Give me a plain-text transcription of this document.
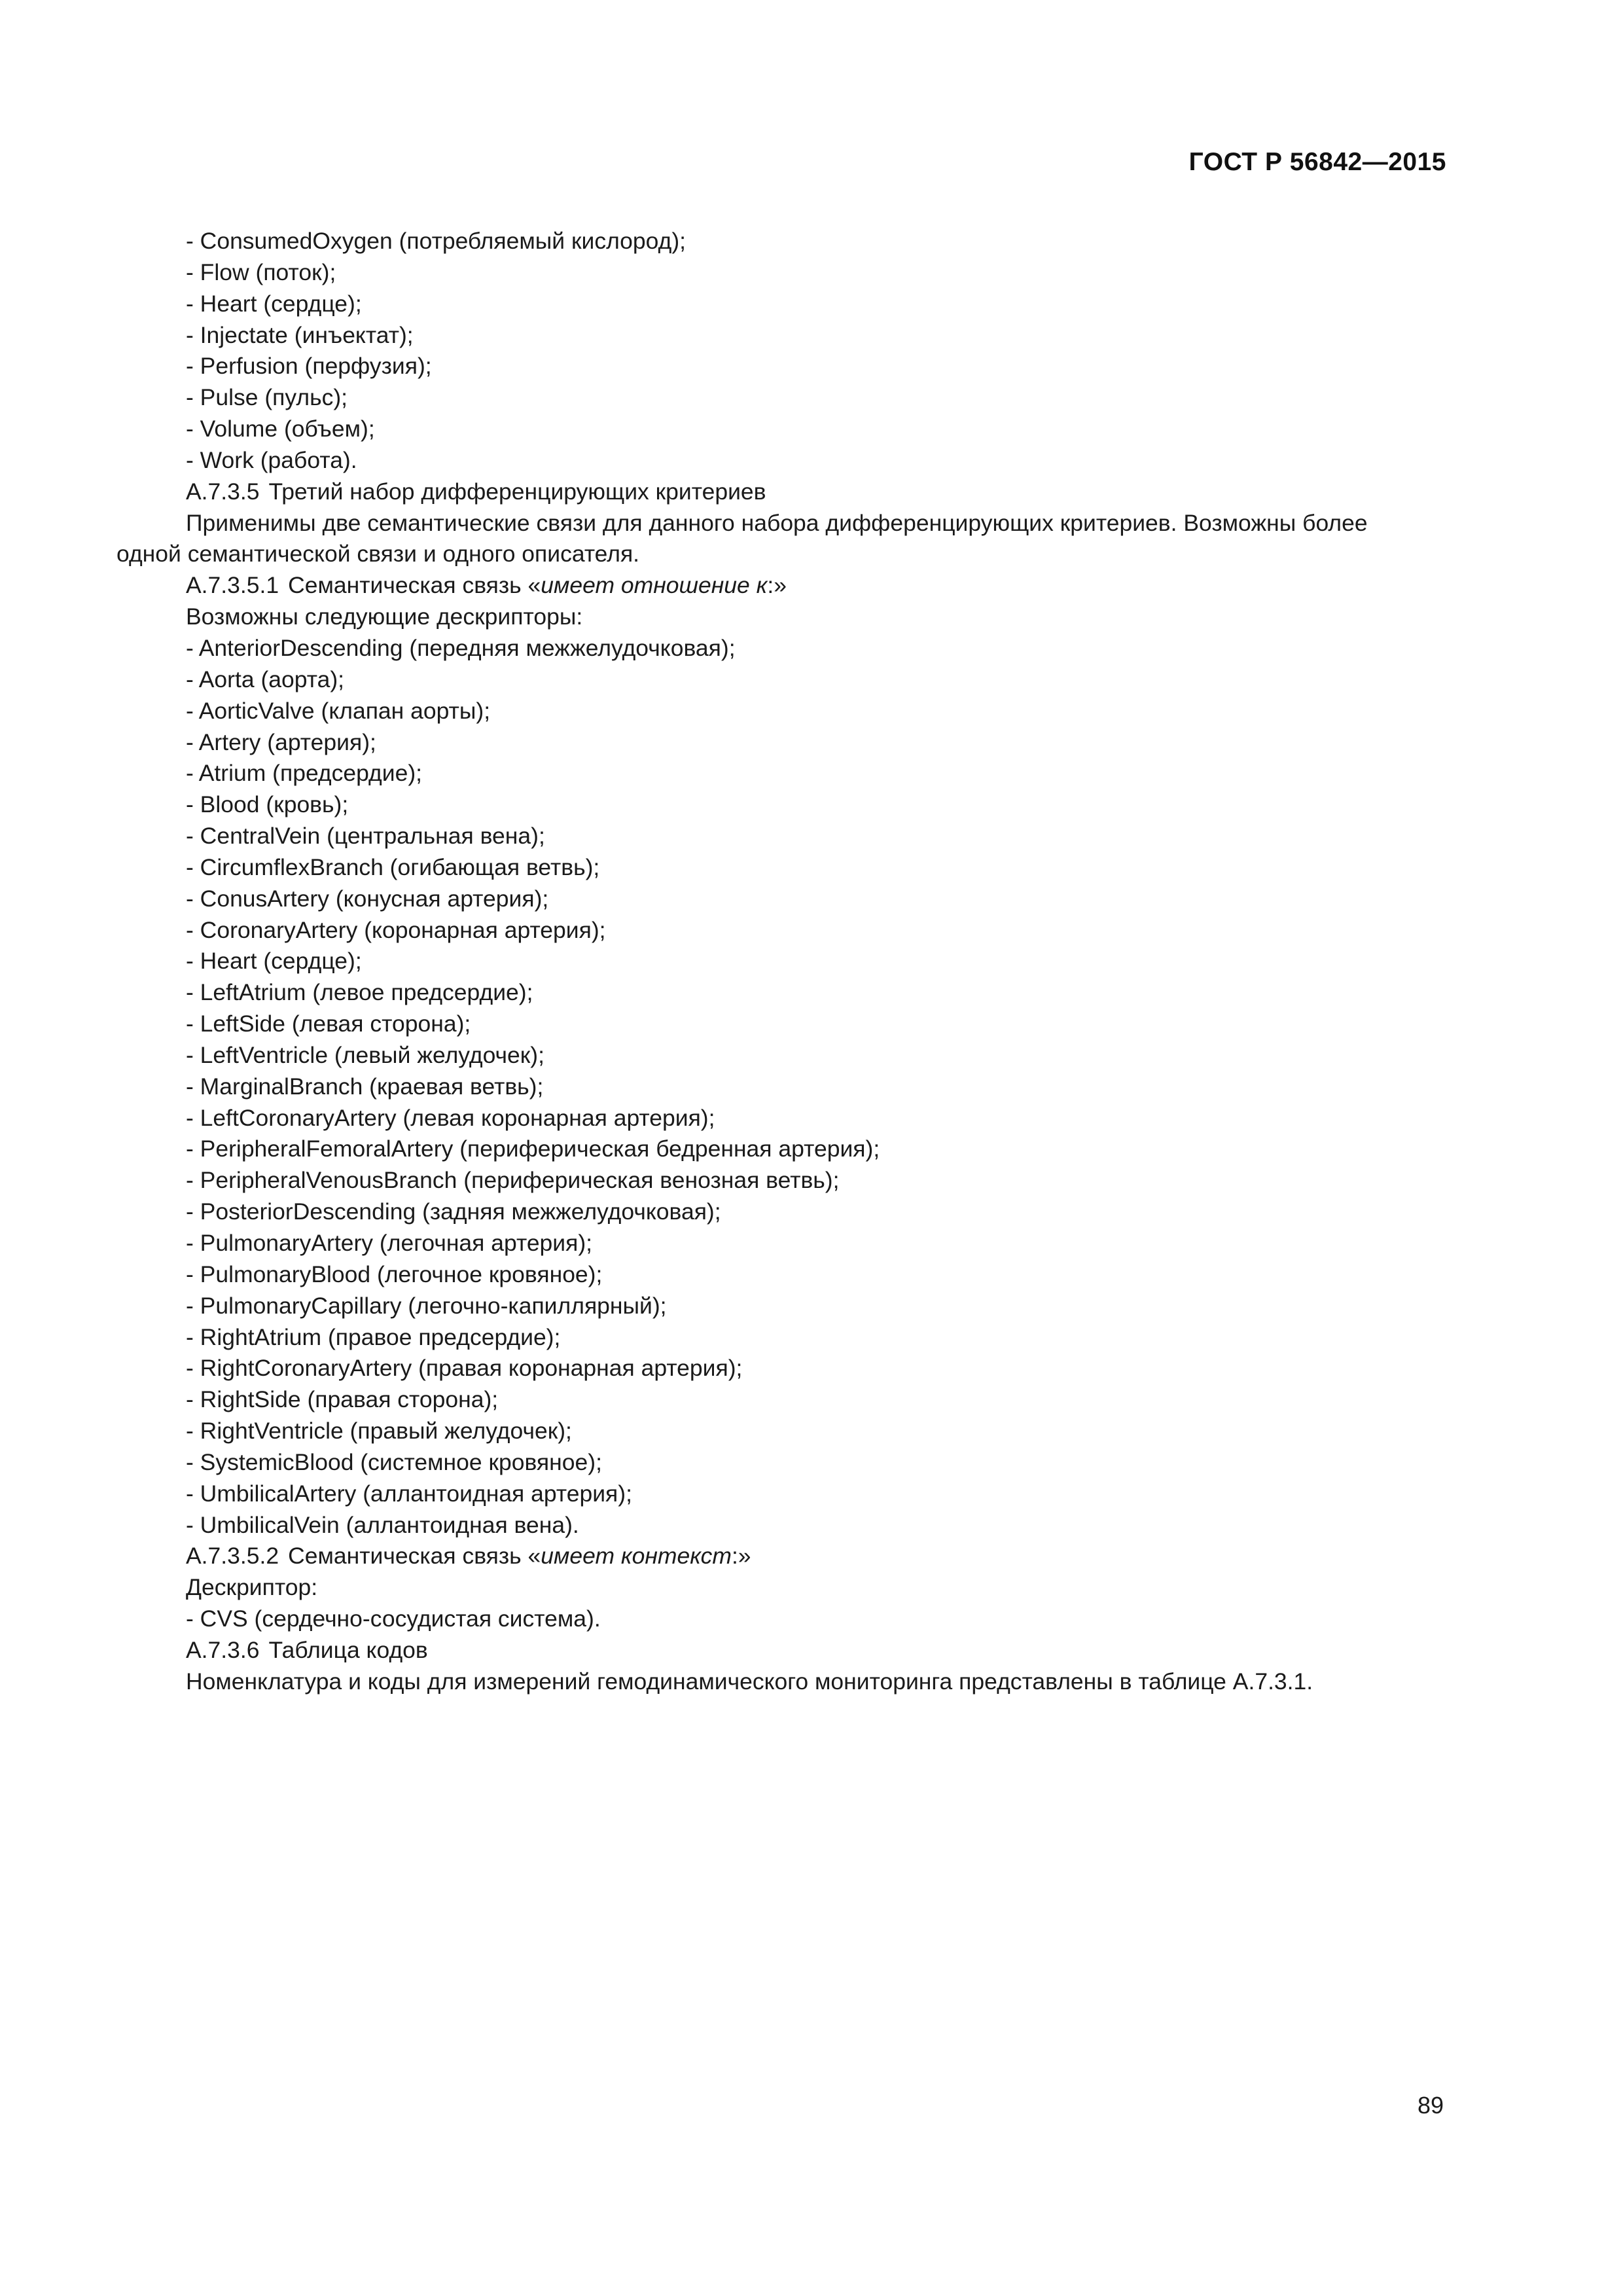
ГОСТ Р 56842—2015
- ConsumedOxygen (потребляемый кислород);
- Flow (поток);
- Heart (сердце);
- Injectate (инъектат);
- Perfusion (перфузия);
- Pulse (пульс);
- Volume (объем);
- Work (работа).
А.7.3.5 Третий набор дифференцирующих критериев
Применимы две семантические связи для данного набора дифференцирующих критериев. Возможны более
одной семантической связи и одного описателя.
А.7.3.5.1 Семантическая связь «имеет отношение к:»
Возможны следующие дескрипторы:
- AnteriorDescending (передняя межжелудочковая);
- Aorta (аорта);
- AorticValve (клапан аорты);
- Artery (артерия);
- Atrium (предсердие);
- Blood (кровь);
- CentralVein (центральная вена);
- CircumflexBranch (огибающая ветвь);
- ConusArtery (конусная артерия);
- CoronaryArtery (коронарная артерия);
- Heart (сердце);
- LeftAtrium (левое предсердие);
- LeftSide (левая сторона);
- LeftVentricle (левый желудочек);
- MarginalBranch (краевая ветвь);
- LeftCoronaryArtery (левая коронарная артерия);
- PeripheralFemoralArtery (периферическая бедренная артерия);
- PeripheralVenousBranch (периферическая венозная ветвь);
- PosteriorDescending (задняя межжелудочковая);
- PulmonaryArtery (легочная артерия);
- PulmonaryBlood (легочное кровяное);
- PulmonaryCapillary (легочно-капиллярный);
- RightAtrium (правое предсердие);
- RightCoronaryArtery (правая коронарная артерия);
- RightSide (правая сторона);
- RightVentricle (правый желудочек);
- SystemicBlood (системное кровяное);
- UmbilicalArtery (аллантоидная артерия);
- UmbilicalVein (аллантоидная вена).
А.7.3.5.2 Семантическая связь «имеет контекст:»
Дескриптор:
- CVS (сердечно-сосудистая система).
А.7.3.6 Таблица кодов
Номенклатура и коды для измерений гемодинамического мониторинга представлены в таблице А.7.3.1.
89
